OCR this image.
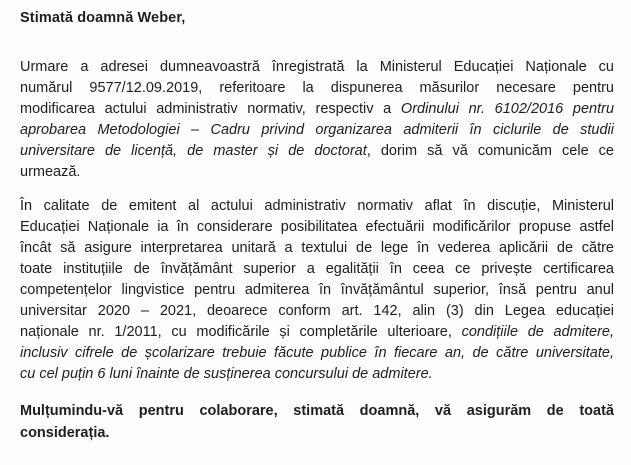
Stimată doamnă Weber,
Urmare a adresei dumneavoastră înregistrată la Ministerul Educației Naționale cu
numărul 9577/12.09.2019, referitoare la dispunerea măsurilor necesare pentru
modificarea actului administrativ normativ, respectiv a Ordinului nr. 6102/2016 pentru
aprobarea Metodologiei – Cadru privind organizarea admiterii în ciclurile de studii
universitare de licență, de master și de doctorat, dorim să vă comunicăm cele ce
urmează.
În calitate de emitent al actului administrativ normativ aflat în discuție, Ministerul
Educației Naționale ia în considerare posibilitatea efectuării modificărilor propuse astfel
încât să asigure interpretarea unitară a textului de lege în vederea aplicării de către
toate instituțiile de învățământ superior a egalității în ceea ce privește certificarea
competențelor lingvistice pentru admiterea în învățământul superior, însă pentru anul
universitar 2020 – 2021, deoarece conform art. 142, alin (3) din Legea educației
naționale nr. 1/2011, cu modificările și completările ulterioare, condițiile de admitere,
inclusiv cifrele de școlarizare trebuie făcute publice în fiecare an, de către universitate,
cu cel puțin 6 luni înainte de susținerea concursului de admitere.
Mulțumindu-vă pentru colaborare, stimată doamnă, vă asigurăm de toată
considerația.
